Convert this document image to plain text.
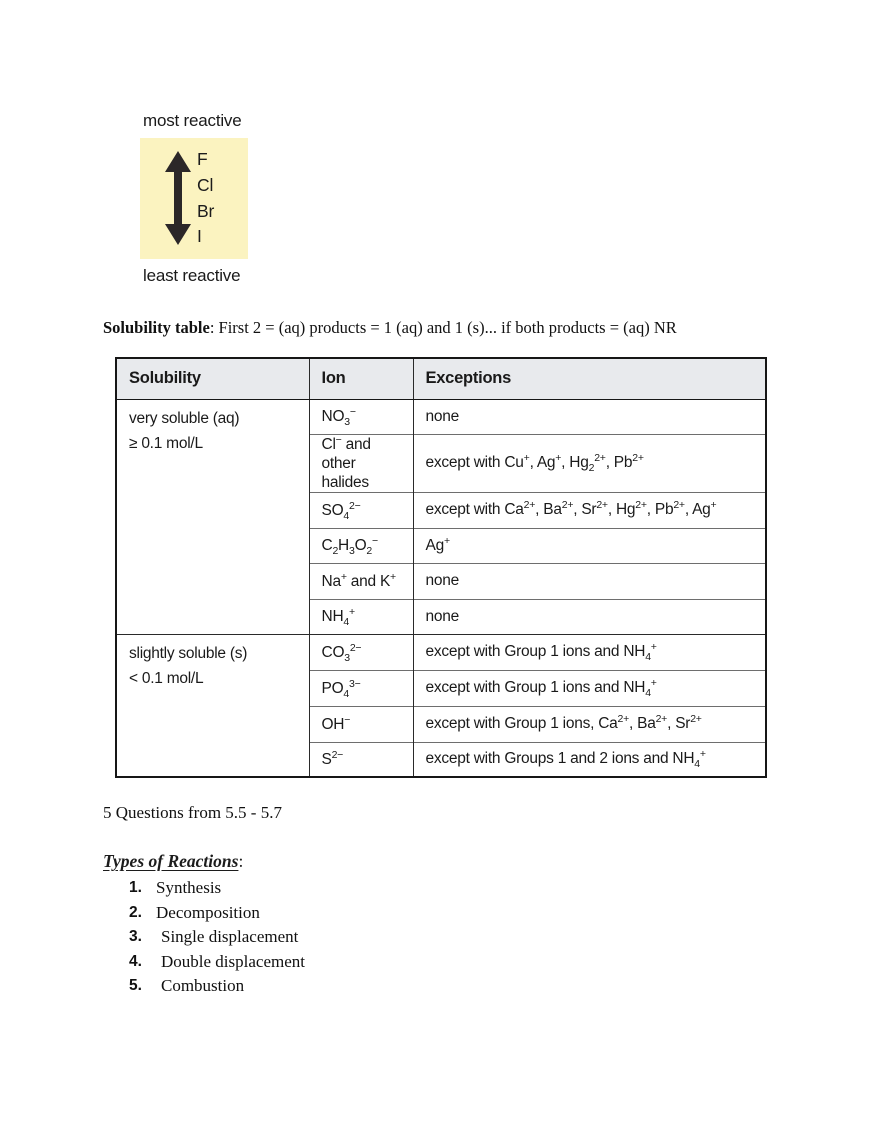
most reactive
F
Cl
Br
I
least reactive

Solubility table: First 2 = (aq) products = 1 (aq) and 1 (s)... if both products = (aq) NR

Solubility	Ion	Exceptions

very soluble (aq)
≥ 0.1 mol/L	$NO_3^-$	none
	Cl− and other halides	except with Cu+, Ag+, $Hg_2^{2+}$, $Pb^{2+}$
	$SO_4^{2-}$	except with $Ca^{2+}$, $Ba^{2+}$, $Sr^{2+}$, $Hg^{2+}$, $Pb^{2+}$, Ag+
	$C_2H_3O_2^-$	Ag+
	Na+ and K+	none
	$NH_4^+$	none

slightly soluble (s)
< 0.1 mol/L	$CO_3^{2-}$	except with Group 1 ions and $NH_4^+$
	$PO_4^{3-}$	except with Group 1 ions and $NH_4^+$
	OH−	except with Group 1 ions, $Ca^{2+}$, $Ba^{2+}$, $Sr^{2+}$
	$S^{2-}$	except with Groups 1 and 2 ions and $NH_4^+$
5 Questions from 5.5 - 5.7
Types of Reactions:
1. Synthesis
2. Decomposition
3.	Single displacement
4.	Double displacement
5.	Combustion
